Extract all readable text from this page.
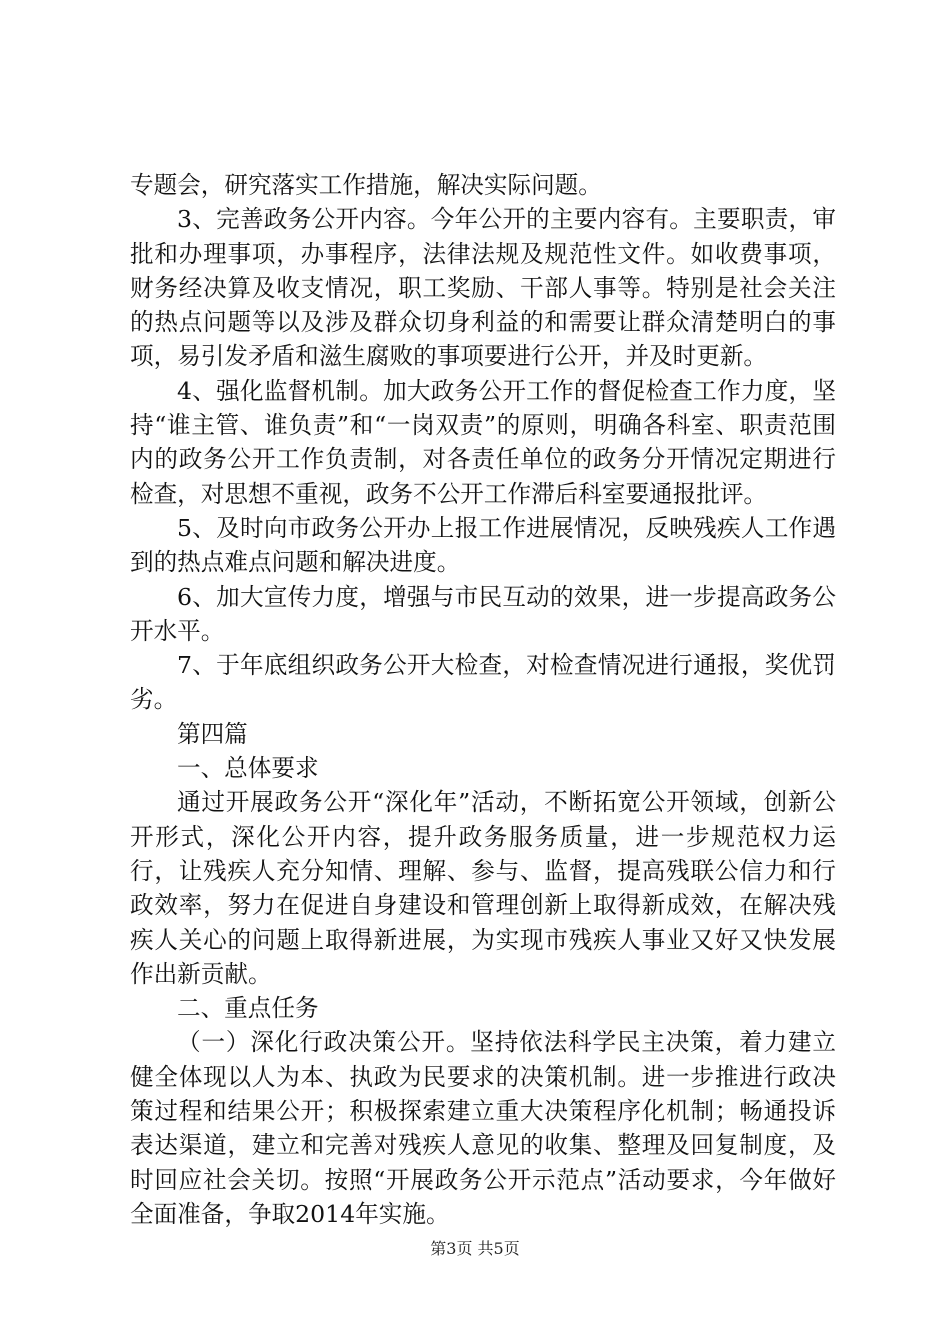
专题会，研究落实工作措施，解决实际问题。

3、完善政务公开内容。今年公开的主要内容有。主要职责，审批和办理事项，办事程序，法律法规及规范性文件。如收费事项，财务经决算及收支情况，职工奖励、干部人事等。特别是社会关注的热点问题等以及涉及群众切身利益的和需要让群众清楚明白的事项，易引发矛盾和滋生腐败的事项要进行公开，并及时更新。

4、强化监督机制。加大政务公开工作的督促检查工作力度，坚持“谁主管、谁负责”和“一岗双责”的原则，明确各科室、职责范围内的政务公开工作负责制，对各责任单位的政务分开情况定期进行检查，对思想不重视，政务不公开工作滞后科室要通报批评。

5、及时向市政务公开办上报工作进展情况，反映残疾人工作遇到的热点难点问题和解决进度。

6、加大宣传力度，增强与市民互动的效果，进一步提高政务公开水平。

7、于年底组织政务公开大检查，对检查情况进行通报，奖优罚劣。

第四篇

一、总体要求

通过开展政务公开“深化年”活动，不断拓宽公开领域，创新公开形式，深化公开内容，提升政务服务质量，进一步规范权力运行，让残疾人充分知情、理解、参与、监督，提高残联公信力和行政效率，努力在促进自身建设和管理创新上取得新成效，在解决残疾人关心的问题上取得新进展，为实现市残疾人事业又好又快发展作出新贡献。

二、重点任务

（一）深化行政决策公开。坚持依法科学民主决策，着力建立健全体现以人为本、执政为民要求的决策机制。进一步推进行政决策过程和结果公开；积极探索建立重大决策程序化机制；畅通投诉表达渠道，建立和完善对残疾人意见的收集、整理及回复制度，及时回应社会关切。按照“开展政务公开示范点”活动要求，今年做好全面准备，争取2014年实施。

第3页 共5页
